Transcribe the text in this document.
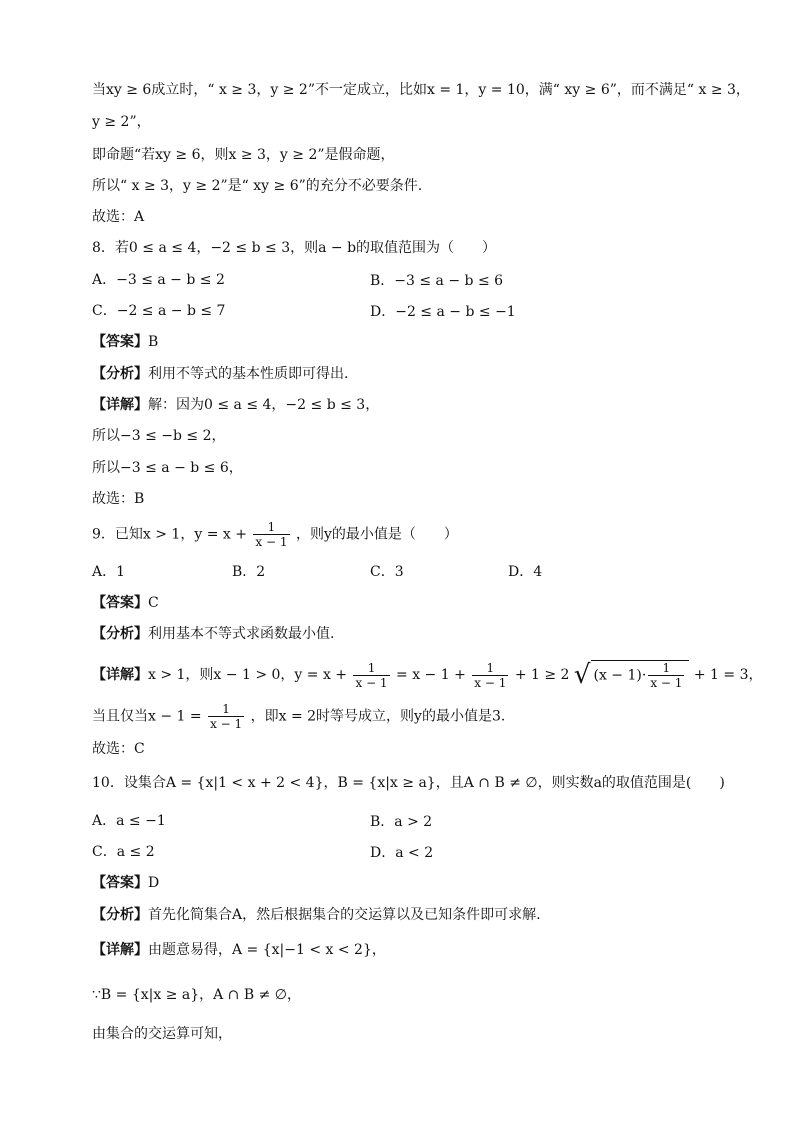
当xy ≥ 6成立时，“ x ≥ 3，y ≥ 2”不一定成立，比如x = 1，y = 10，满“ xy ≥ 6”，而不满足“ x ≥ 3，
y ≥ 2”，
即命题“若xy ≥ 6，则x ≥ 3，y ≥ 2”是假命题，
所以“ x ≥ 3，y ≥ 2”是“ xy ≥ 6”的充分不必要条件.
故选：A
8．若0 ≤ a ≤ 4，−2 ≤ b ≤ 3，则a − b的取值范围为（　　）
A．−3 ≤ a − b ≤ 2	B．−3 ≤ a − b ≤ 6
C．−2 ≤ a − b ≤ 7	D．−2 ≤ a − b ≤ −1
【答案】B
【分析】利用不等式的基本性质即可得出.
【详解】解：因为0 ≤ a ≤ 4，−2 ≤ b ≤ 3，
所以−3 ≤ −b ≤ 2，
所以−3 ≤ a − b ≤ 6，
故选：B
9．已知x > 1，$y = x + \frac{1}{x - 1}$ ，则y的最小值是（　　）
A．1	B．2	C．3	D．4
【答案】C
【分析】利用基本不等式求函数最小值.
【详解】x > 1，则x − 1 > 0，$y = x + \frac{1}{x - 1} = x - 1 + \frac{1}{x - 1} + 1 \ge 2$ √ $(x - 1)\cdot \frac{1}{x - 1} + 1 = 3$，
当且仅当$x - 1 = \frac{1}{x - 1}$ ，即x = 2时等号成立，则y的最小值是3.
故选：C
10．设集合A = {x|1 < x + 2 < 4}，B = {x|x ≥ a}，且A ∩ B ≠ ∅，则实数a的取值范围是(　　)
A．a ≤ −1	B．a > 2
C．a ≤ 2	D．a < 2
【答案】D
【分析】首先化简集合A，然后根据集合的交运算以及已知条件即可求解.
【详解】由题意易得，A = {x|−1 < x < 2}，
∵B = {x|x ≥ a}，A ∩ B ≠ ∅，
由集合的交运算可知，
